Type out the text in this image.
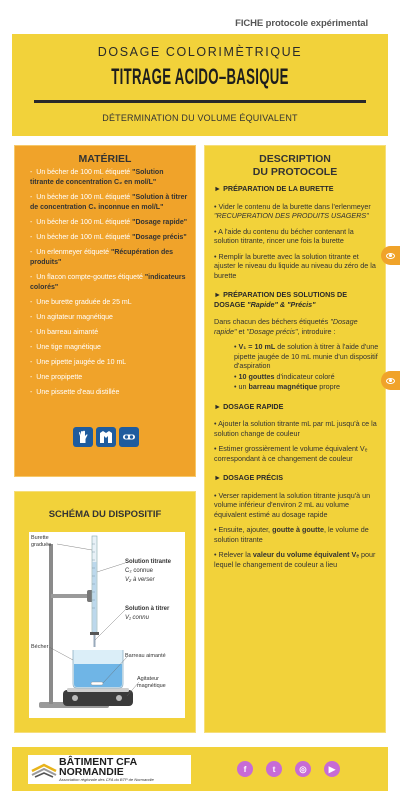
FICHE protocole expérimental
DOSAGE COLORIMÈTRIQUE
TITRAGE ACIDO–BASIQUE
DÉTERMINATION DU VOLUME ÉQUIVALENT
MATÉRIEL
- Un bécher de 100 mL étiqueté "Solution titrante de concentration C₂ en mol/L"
- Un bécher de 100 mL étiqueté "Solution à titrer de concentration C₁ inconnue en mol/L"
- Un bécher de 100 mL étiqueté "Dosage rapide"
- Un bécher de 100 mL étiqueté "Dosage précis"
- Un erlenmeyer étiqueté "Récupération des produits"
- Un flacon compte-gouttes étiqueté "indicateurs colorés"
- Une burette graduée de 25 mL
- Un agitateur magnétique
- Un barreau aimanté
- Une tige magnétique
- Une pipette jaugée de 10 mL
- Une propipette
- Une pissette d'eau distillée
SCHÉMA DU DISPOSITIF
Burette graduée
Solution titrante
C₂ connue
V₂ à verser
Solution à titrer
V₁ connu
Bécher
Barreau aimanté
Agitateur magnétique
DESCRIPTION
DU PROTOCOLE
► PRÉPARATION DE LA BURETTE

• Vider le contenu de la burette dans l'erlenmeyer "RECUPERATION DES PRODUITS USAGERS"

• A l'aide du contenu du bécher contenant la solution titrante, rincer une fois la burette

• Remplir la burette avec la solution titrante et ajuster le niveau du liquide au niveau du zéro de la burette

► PRÉPARATION DES SOLUTIONS DE DOSAGE "Rapide" & "Précis"

Dans chacun des béchers étiquetés "Dosage rapide" et "Dosage précis", introduire :

• V₁ = 10 mL de solution à titrer à l'aide d'une pipette jaugée de 10 mL munie d'un dispositif d'aspiration
• 10 gouttes d'indicateur coloré
• un barreau magnétique propre
► DOSAGE RAPIDE

• Ajouter la solution titrante mL par mL jusqu'à ce la solution change de couleur

• Estimer grossièrement le volume équivalent Vₑ correspondant à ce changement de couleur

► DOSAGE PRÉCIS

• Verser rapidement la solution titrante jusqu'à un volume inférieur d'environ 2 mL au volume équivalent estimé au dosage rapide

• Ensuite, ajouter, goutte à goutte, le volume de solution titrante

• Relever la valeur du volume équivalent Vₑ pour lequel le changement de couleur a lieu

BÂTIMENT CFA
NORMANDIE
Association régionale des CFA du BTP de Normandie
f	t	◎	▶
